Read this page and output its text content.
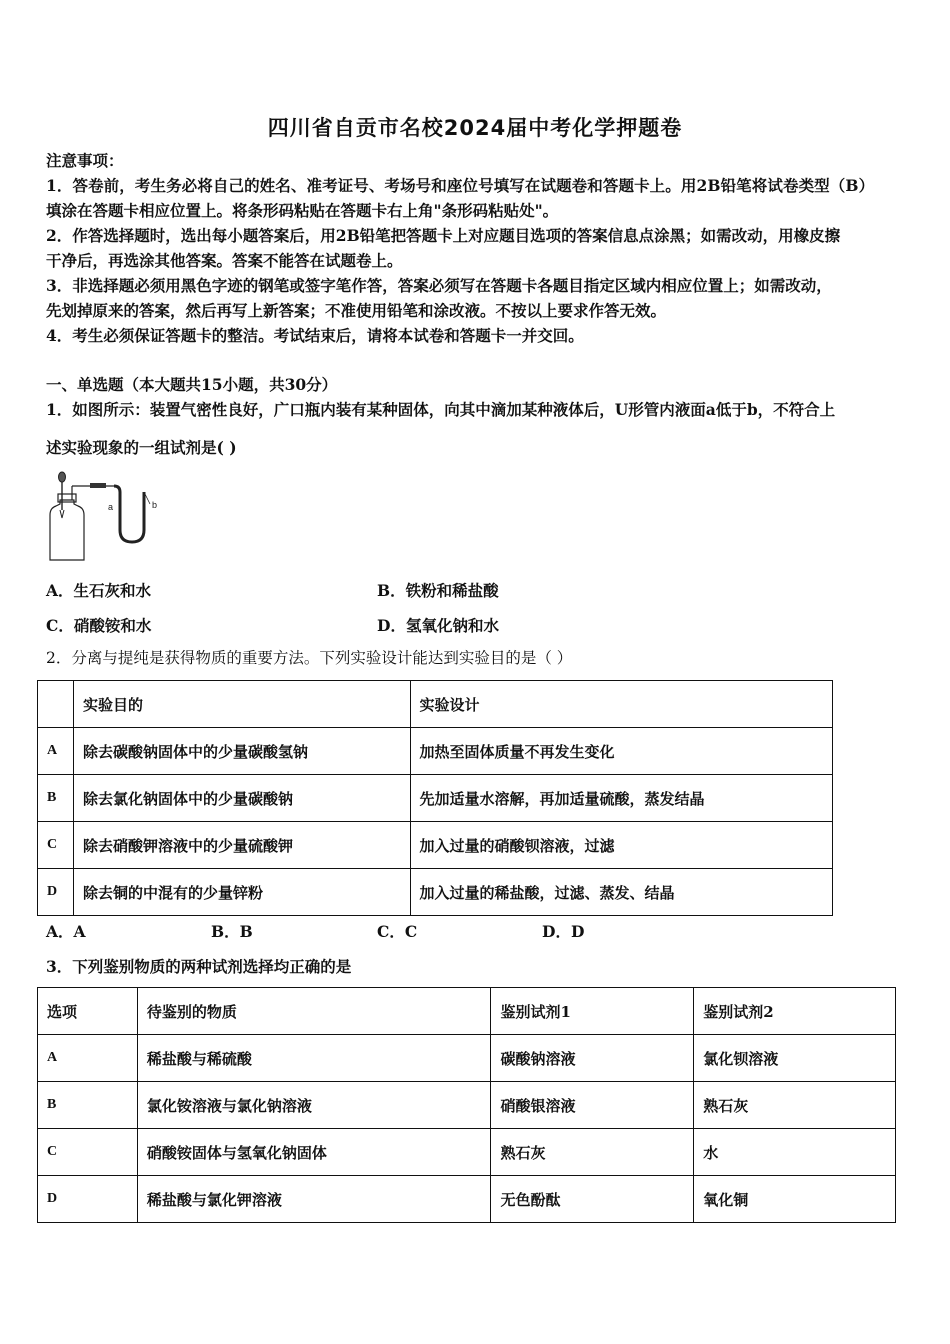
四川省自贡市名校2024届中考化学押题卷
注意事项：
1．答卷前，考生务必将自己的姓名、准考证号、考场号和座位号填写在试题卷和答题卡上。用2B铅笔将试卷类型（B）
填涂在答题卡相应位置上。将条形码粘贴在答题卡右上角"条形码粘贴处"。
2．作答选择题时，选出每小题答案后，用2B铅笔把答题卡上对应题目选项的答案信息点涂黑；如需改动，用橡皮擦
干净后，再选涂其他答案。答案不能答在试题卷上。
3．非选择题必须用黑色字迹的钢笔或签字笔作答，答案必须写在答题卡各题目指定区域内相应位置上；如需改动，
先划掉原来的答案，然后再写上新答案；不准使用铅笔和涂改液。不按以上要求作答无效。
4．考生必须保证答题卡的整洁。考试结束后，请将本试卷和答题卡一并交回。
一、单选题（本大题共15小题，共30分）
1．如图所示：装置气密性良好，广口瓶内装有某种固体，向其中滴加某种液体后，U形管内液面a低于b，不符合上
述实验现象的一组试剂是( )
a	b
A．生石灰和水	B．铁粉和稀盐酸
C．硝酸铵和水	D．氢氧化钠和水
2．分离与提纯是获得物质的重要方法。下列实验设计能达到实验目的是（ ）
	实验目的	实验设计
A	除去碳酸钠固体中的少量碳酸氢钠	加热至固体质量不再发生变化
B	除去氯化钠固体中的少量碳酸钠	先加适量水溶解，再加适量硫酸，蒸发结晶
C	除去硝酸钾溶液中的少量硫酸钾	加入过量的硝酸钡溶液，过滤
D	除去铜的中混有的少量锌粉	加入过量的稀盐酸，过滤、蒸发、结晶
A．A	B．B	C．C	D．D
3．下列鉴别物质的两种试剂选择均正确的是
选项	待鉴别的物质	鉴别试剂1	鉴别试剂2
A	稀盐酸与稀硫酸	碳酸钠溶液	氯化钡溶液
B	氯化铵溶液与氯化钠溶液	硝酸银溶液	熟石灰
C	硝酸铵固体与氢氧化钠固体	熟石灰	水
D	稀盐酸与氯化钾溶液	无色酚酞	氧化铜
